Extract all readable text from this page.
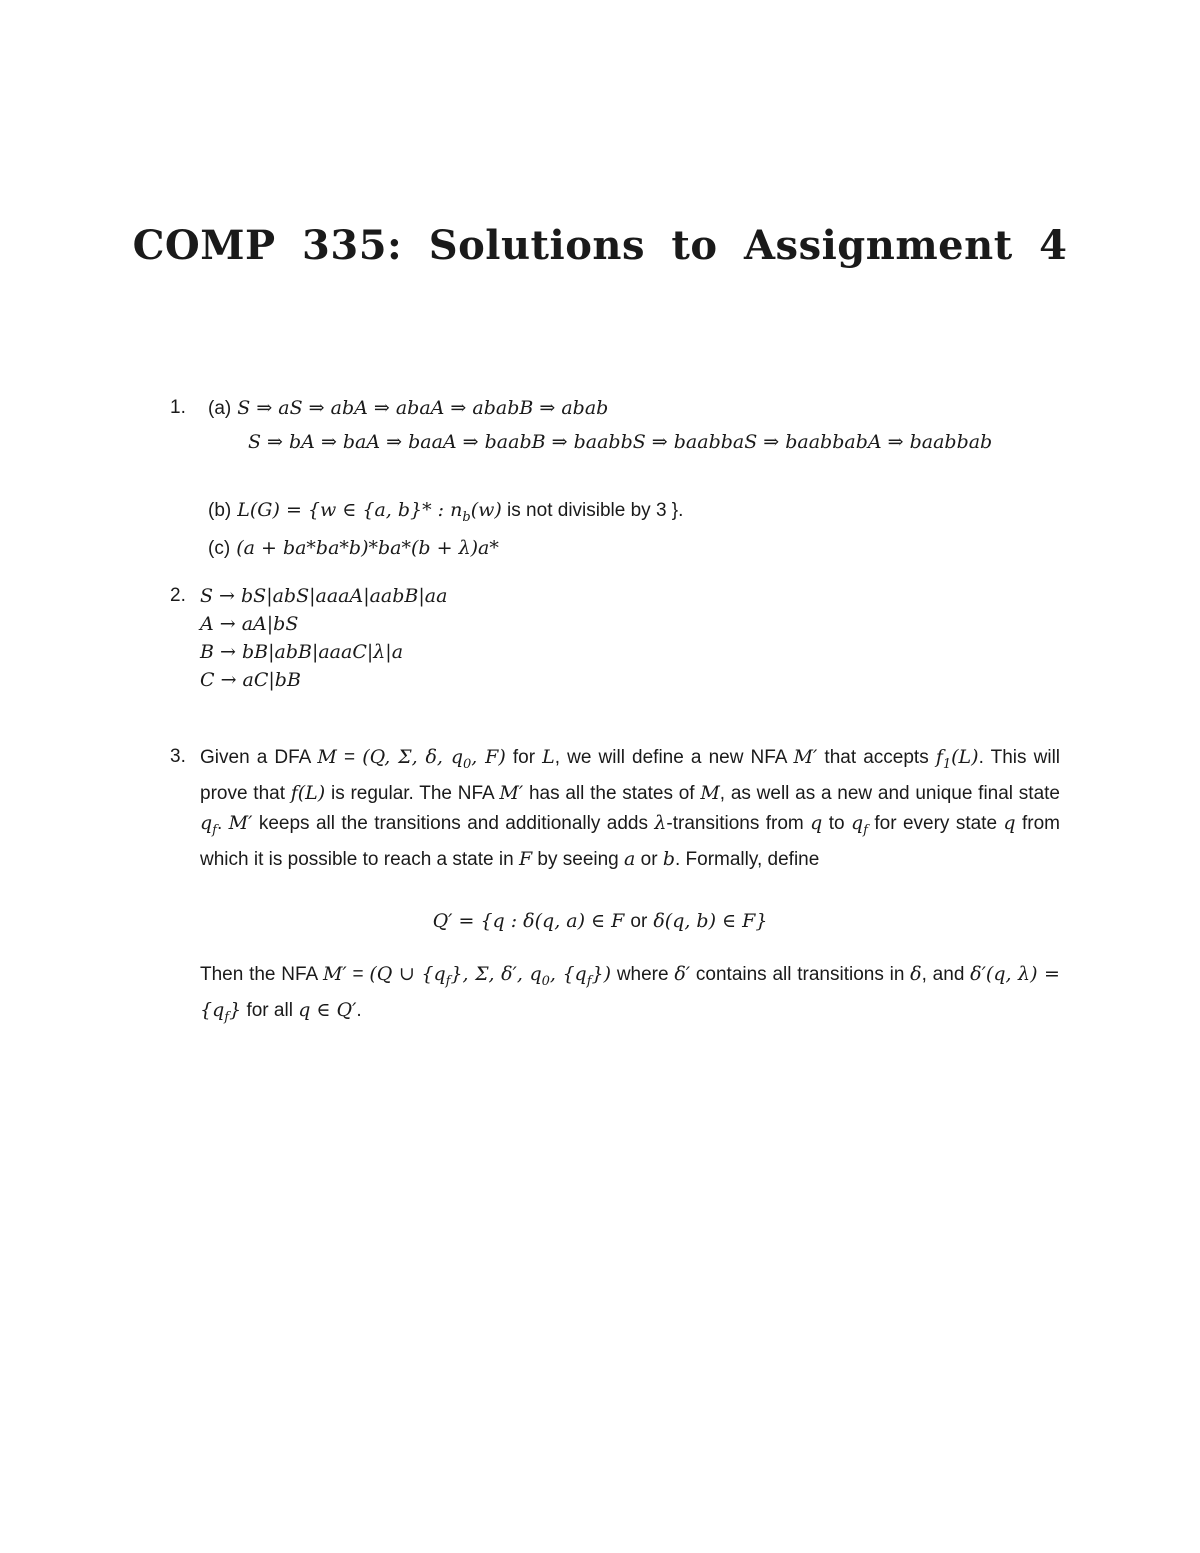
COMP 335: Solutions to Assignment 4
1. (a) S ⇒ aS ⇒ abA ⇒ abaA ⇒ ababB ⇒ abab
S ⇒ bA ⇒ baA ⇒ baaA ⇒ baabB ⇒ baabbS ⇒ baabbaS ⇒ baabbabA ⇒ baabbab
(b) L(G) = {w ∈ {a, b}* : $n_b(w)$ is not divisible by 3 }.
(c) (a + ba*ba*b)*ba*(b + λ)a*
2. S → bS|abS|aaaA|aabB|aa
A → aA|bS
B → bB|abB|aaaC|λ|a
C → aC|bB
3. Given a DFA M = (Q, Σ, δ, $q_0$, F) for L, we will define a new NFA M′ that accepts $f_1(L)$. This will prove that f(L) is regular. The NFA M′ has all the states of M, as well as a new and unique final state $q_f$. M′ keeps all the transitions and additionally adds λ-transitions from q to $q_f$ for every state q from which it is possible to reach a state in F by seeing a or b. Formally, define
Q′ = {q : δ(q, a) ∈ F or δ(q, b) ∈ F}
Then the NFA M′ = (Q ∪ $\{q_f\}$, Σ, δ′, $q_0$, $\{q_f\}$) where δ′ contains all transitions in δ, and δ′(q, $\lambda) = \{q_f\}$ for all q ∈ Q′.
